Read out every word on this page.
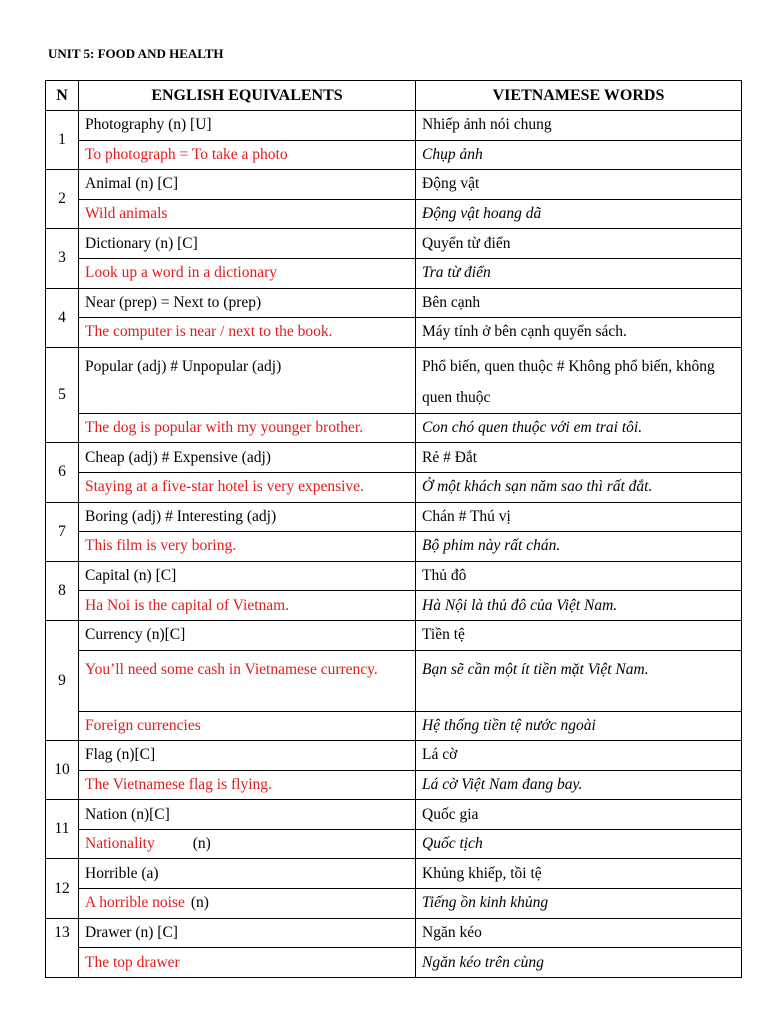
UNIT 5: FOOD AND HEALTH
N	ENGLISH EQUIVALENTS	VIETNAMESE WORDS
1	Photography (n) [U]	Nhiếp ảnh nói chung
	To photograph = To take a photo	Chụp ảnh
2	Animal (n) [C]	Động vật
	Wild animals	Động vật hoang dã
3	Dictionary (n) [C]	Quyển từ điển
	Look up a word in a dictionary	Tra từ điển
4	Near (prep) = Next to (prep)	Bên cạnh
	The computer is near / next to the book.	Máy tính ở bên cạnh quyển sách.
5	Popular (adj) # Unpopular (adj)	Phổ biến, quen thuộc # Không phổ biến, không quen thuộc
	The dog is popular with my younger brother.	Con chó quen thuộc với em trai tôi.
6	Cheap (adj) # Expensive (adj)	Rẻ # Đắt
	Staying at a five-star hotel is very expensive.	Ở một khách sạn năm sao thì rất đắt.
7	Boring (adj) # Interesting (adj)	Chán # Thú vị
	This film is very boring.	Bộ phim này rất chán.
8	Capital (n) [C]	Thủ đô
	Ha Noi is the capital of Vietnam.	Hà Nội là thủ đô của Việt Nam.
9	Currency (n)[C]	Tiền tệ
	You’ll need some cash in Vietnamese currency.	Bạn sẽ cần một ít tiền mặt Việt Nam.
	Foreign currencies	Hệ thống tiền tệ nước ngoài
10	Flag (n)[C]	Lá cờ
	The Vietnamese flag is flying.	Lá cờ Việt Nam đang bay.
11	Nation (n)[C]	Quốc gia
	Nationality (n)	Quốc tịch
12	Horrible (a)	Khủng khiếp, tồi tệ
	A horrible noise (n)	Tiếng ồn kinh khủng
13	Drawer (n) [C]	Ngăn kéo
	The top drawer	Ngăn kéo trên cùng
